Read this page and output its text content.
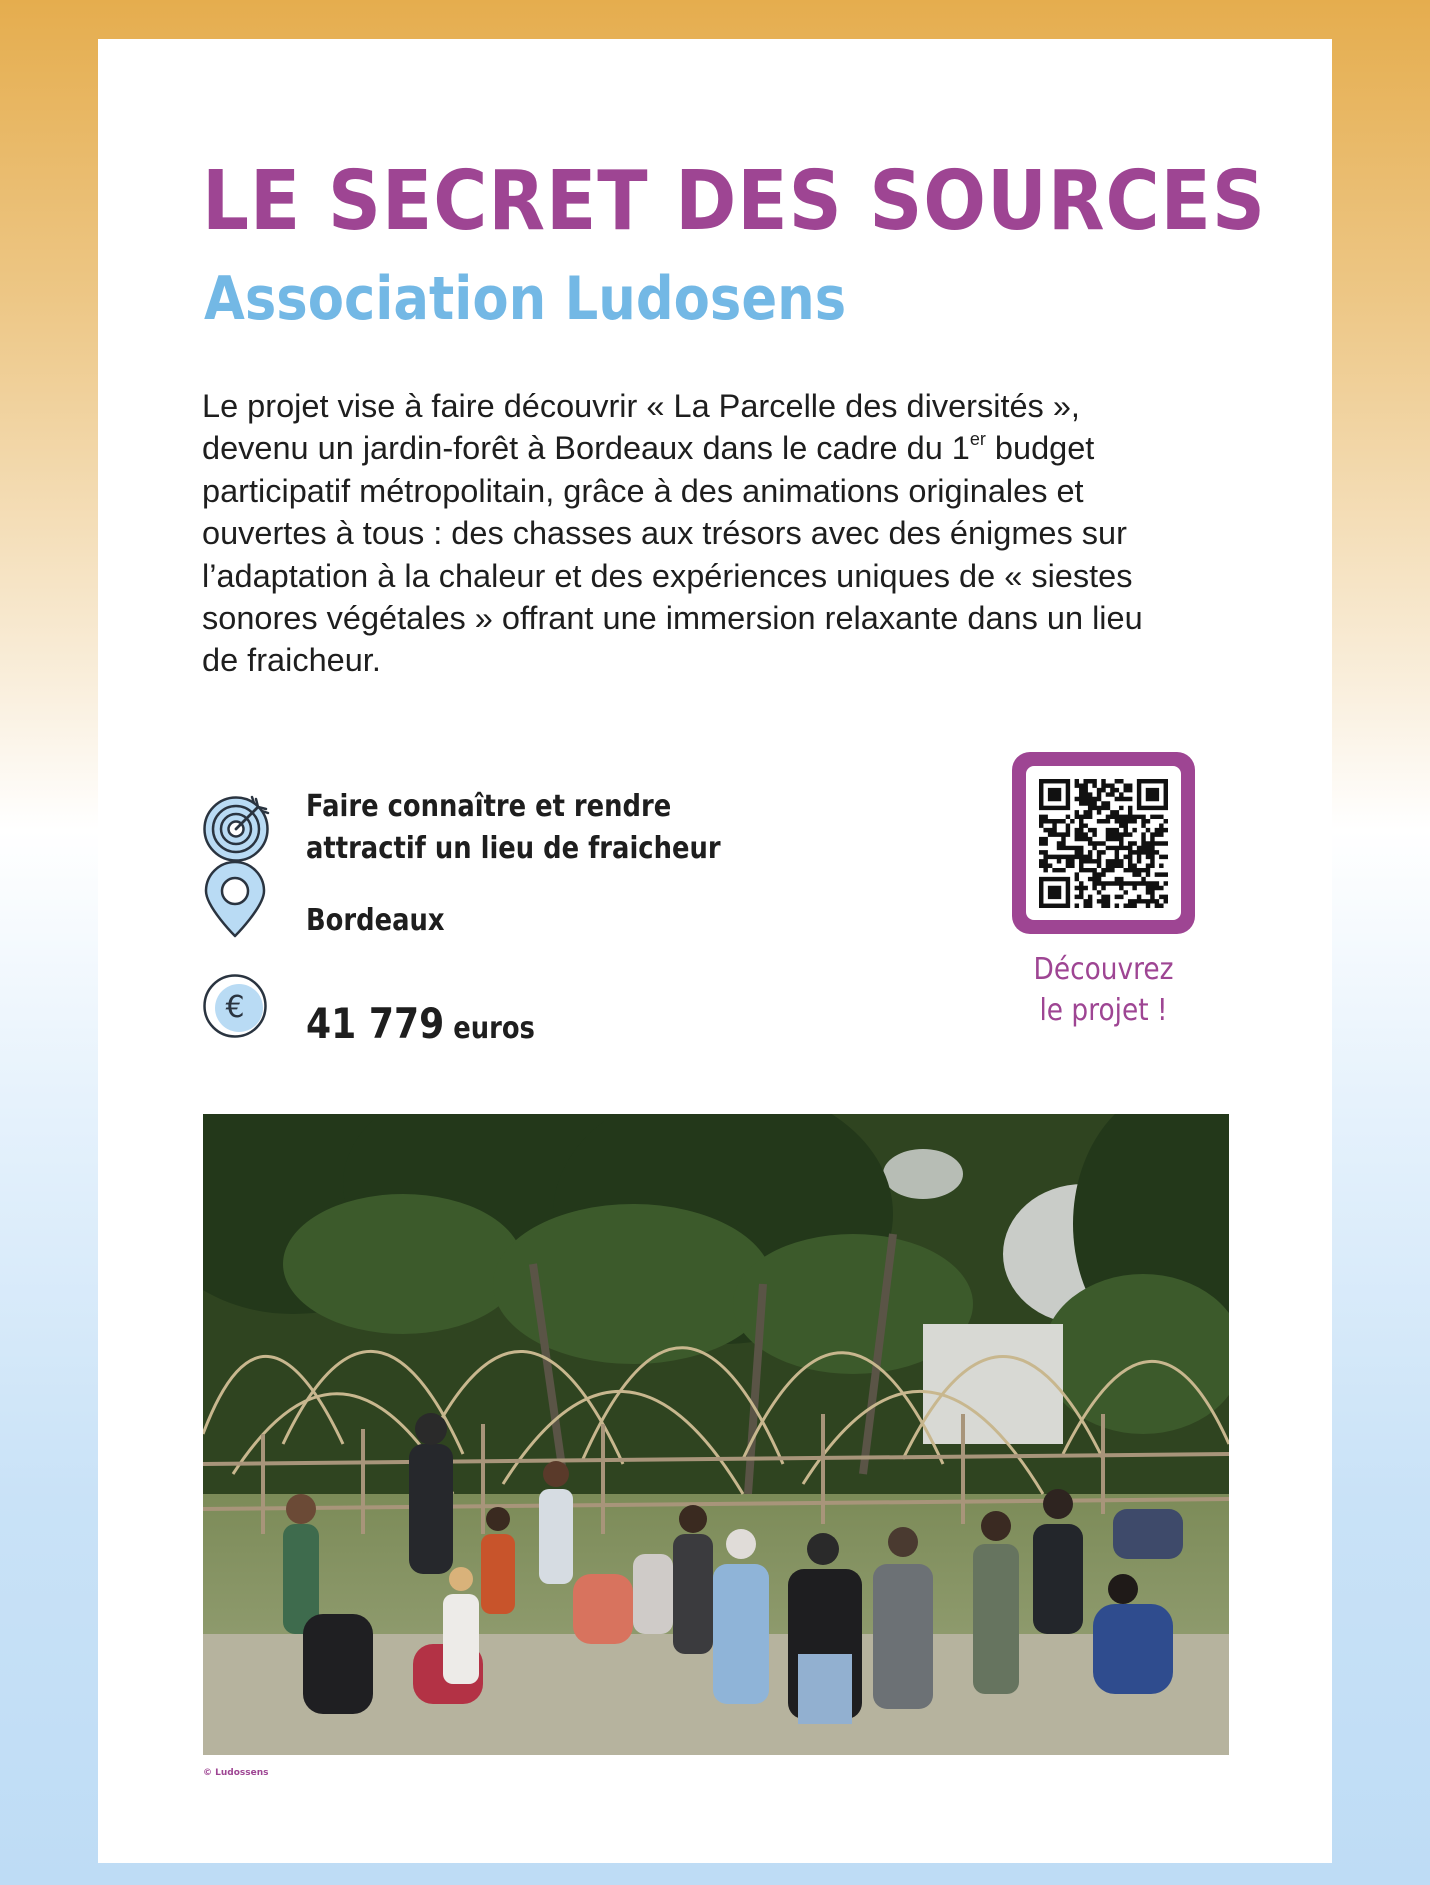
LE SECRET DES SOURCES
Association Ludosens

Le projet vise à faire découvrir « La Parcelle des diversités », devenu un jardin-forêt à Bordeaux dans le cadre du 1er budget participatif métropolitain, grâce à des animations originales et ouvertes à tous : des chasses aux trésors avec des énigmes sur l’adaptation à la chaleur et des expériences uniques de « siestes sonores végétales » offrant une immersion relaxante dans un lieu de fraicheur.

Faire connaître et rendre
attractif un lieu de fraicheur

Bordeaux

€ 41 779 euros

Découvrez
le projet !

© Ludossens
